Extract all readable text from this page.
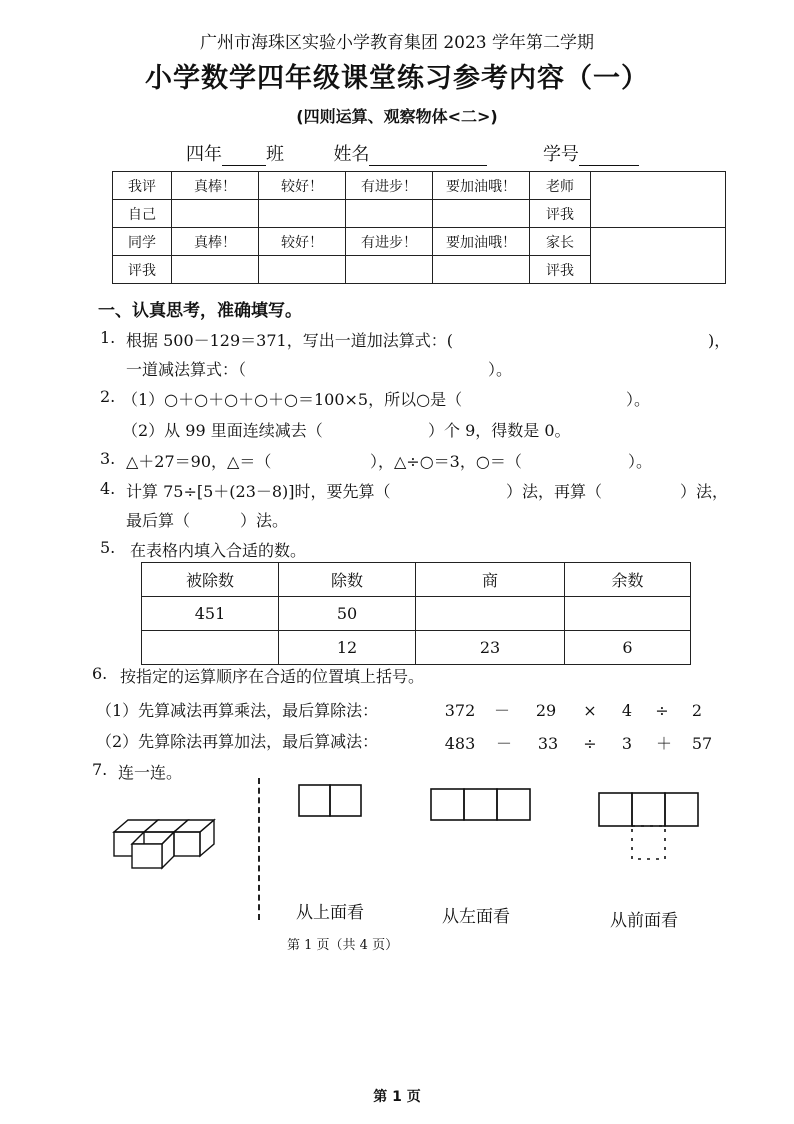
广州市海珠区实验小学教育集团 2023 学年第二学期
小学数学四年级课堂练习参考内容（一）
(四则运算、观察物体<二>)
四年 班	姓名	学号
我评	真棒！	较好！	有进步！	要加油哦！	老师	
自己					评我	
同学	真棒！	较好！	有进步！	要加油哦！	家长	
评我					评我	
一、认真思考，准确填写。
1. 根据 500－129＝371，写出一道加法算式：(	)，
一道减法算式：（	）。
2. （1）○＋○＋○＋○＋○＝100×5，所以○是（	）。
（2）从 99 里面连续减去（	）个 9，得数是 0。
3. △＋27＝90，△＝（	），△÷○＝3，○＝（	）。
4. 计算 75÷[5＋(23－8)]时，要先算（	）法，再算（	）法，
最后算（	）法。
5. 在表格内填入合适的数。
被除数	除数	商	余数
451	50		
	12	23	6
6. 按指定的运算顺序在合适的位置填上括号。
（1）先算减法再算乘法，最后算除法：	372 － 29 × 4 ÷ 2
（2）先算除法再算加法，最后算减法：	483 － 33 ÷ 3 ＋ 57
7. 连一连。
从上面看	从左面看	从前面看
第 1 页（共 4 页）
第 1 页
